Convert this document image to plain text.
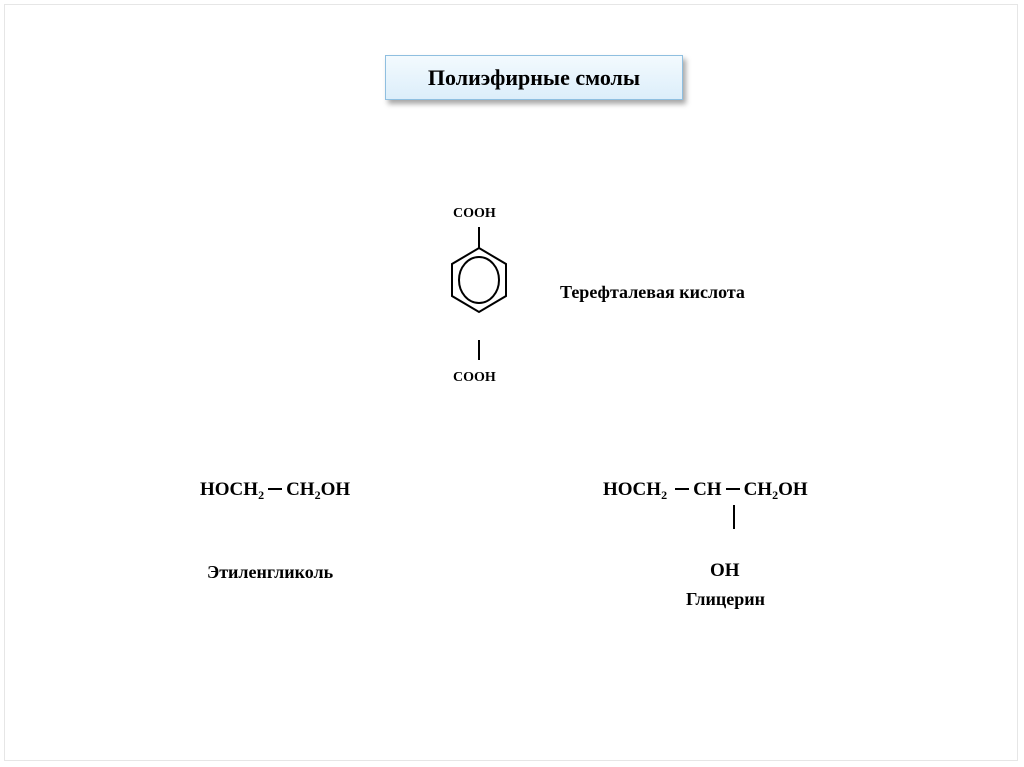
Полиэфирные смолы
COOH
COOH
Терефталевая кислота
$HOCH_2$ $CH_2OH$
Этиленгликоль
$HOCH_2$ CH $CH_2OH$
OH
Глицерин
